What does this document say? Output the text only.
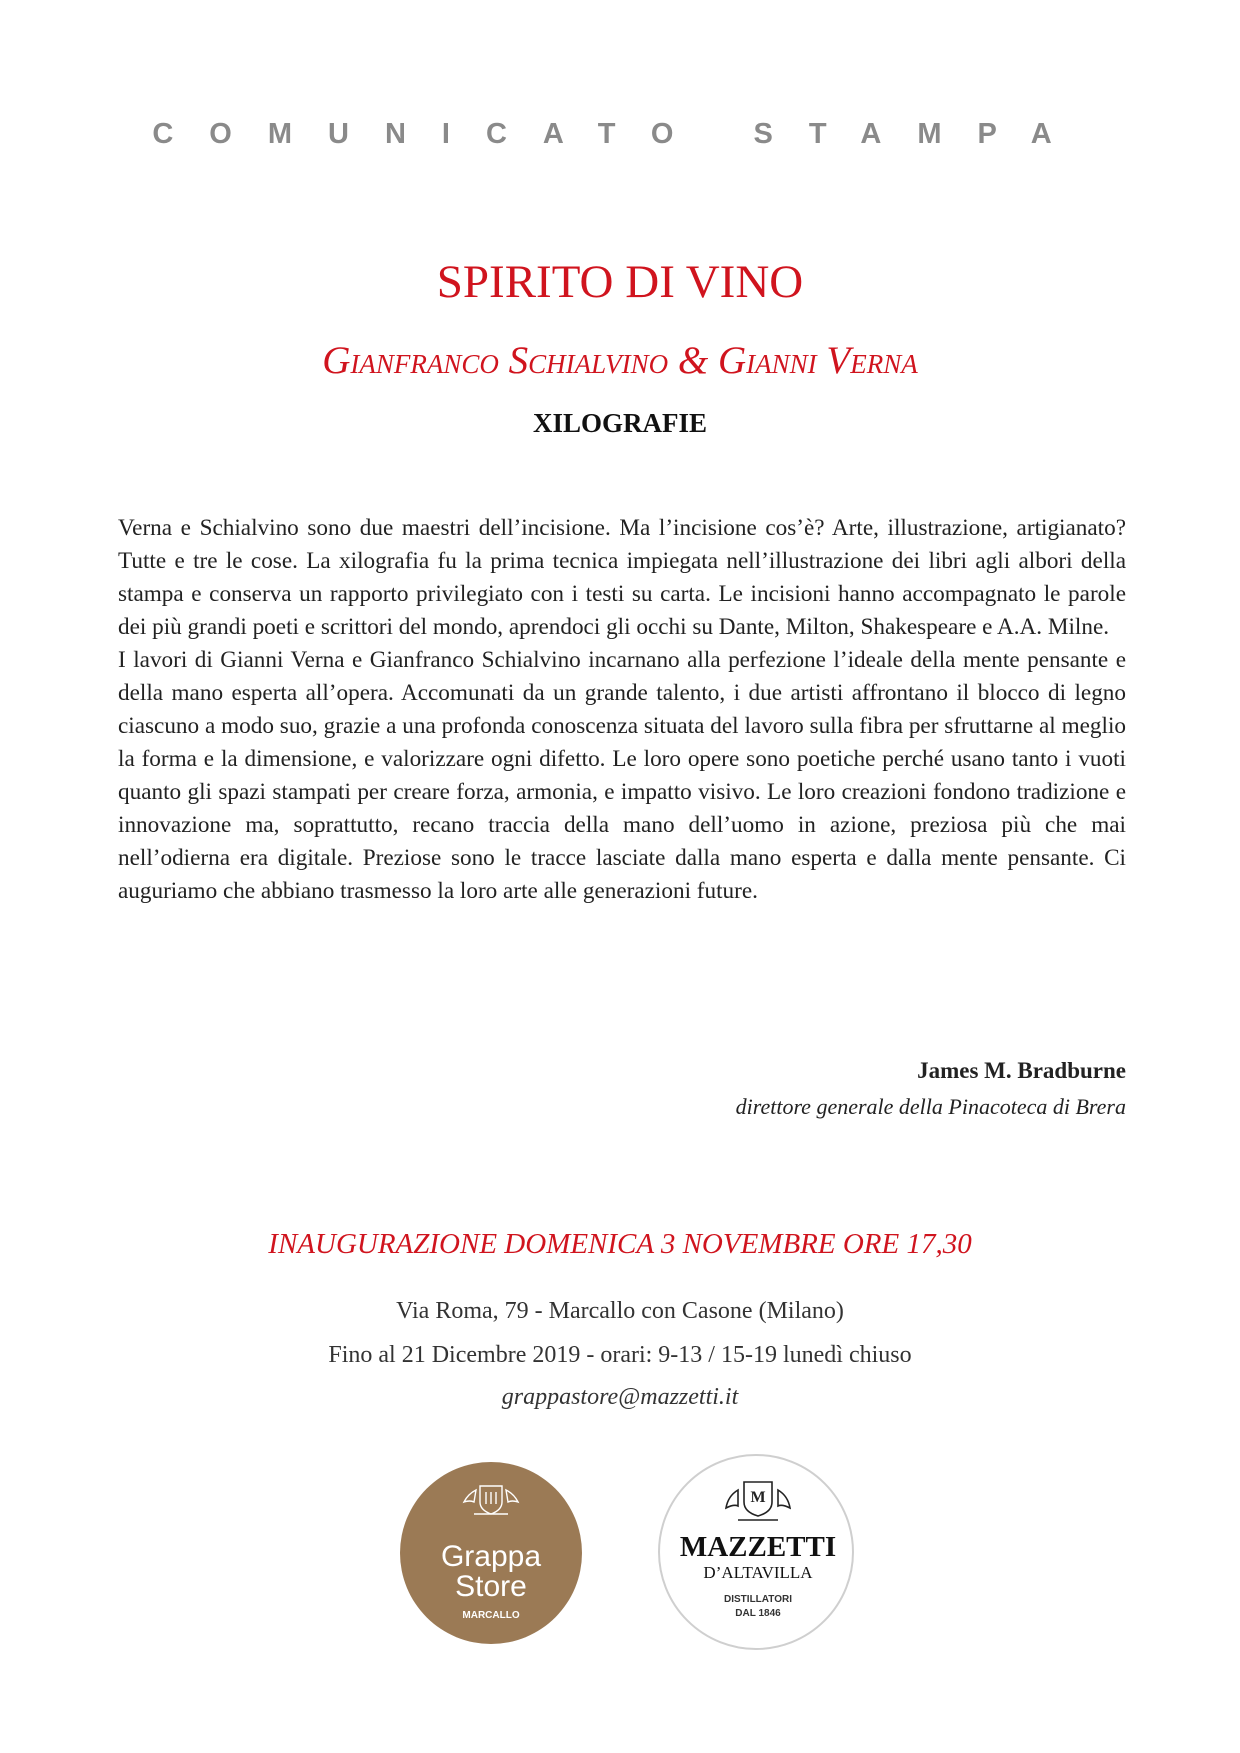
COMUNICATO STAMPA
SPIRITO DI VINO
Gianfranco Schialvino & Gianni Verna
XILOGRAFIE

Verna e Schialvino sono due maestri dell’incisione. Ma l’incisione cos’è? Arte, illustrazione, artigianato? Tutte e tre le cose. La xilografia fu la prima tecnica impiegata nell’illustrazione dei libri agli albori della stampa e conserva un rapporto privilegiato con i testi su carta. Le incisioni hanno accompagnato le parole dei più grandi poeti e scrittori del mondo, aprendoci gli occhi su Dante, Milton, Shakespeare e A.A. Milne.

I lavori di Gianni Verna e Gianfranco Schialvino incarnano alla perfezione l’ideale della mente pensante e della mano esperta all’opera. Accomunati da un grande talento, i due artisti affrontano il blocco di legno ciascuno a modo suo, grazie a una profonda conoscenza situata del lavoro sulla fibra per sfruttarne al meglio la forma e la dimensione, e valorizzare ogni difetto. Le loro opere sono poetiche perché usano tanto i vuoti quanto gli spazi stampati per creare forza, armonia, e impatto visivo. Le loro creazioni fondono tradizione e innovazione ma, soprattutto, recano traccia della mano dell’uomo in azione, preziosa più che mai nell’odierna era digitale. Preziose sono le tracce lasciate dalla mano esperta e dalla mente pensante. Ci auguriamo che abbiano trasmesso la loro arte alle generazioni future.

James M. Bradburne
direttore generale della Pinacoteca di Brera
INAUGURAZIONE DOMENICA 3 NOVEMBRE ORE 17,30
Via Roma, 79 - Marcallo con Casone (Milano)
Fino al 21 Dicembre 2019 - orari: 9-13 / 15-19 lunedì chiuso
grappastore@mazzetti.it
Grappa
Store
MARCALLO
M
MAZZETTI
D’ALTAVILLA
DISTILLATORI
DAL 1846
